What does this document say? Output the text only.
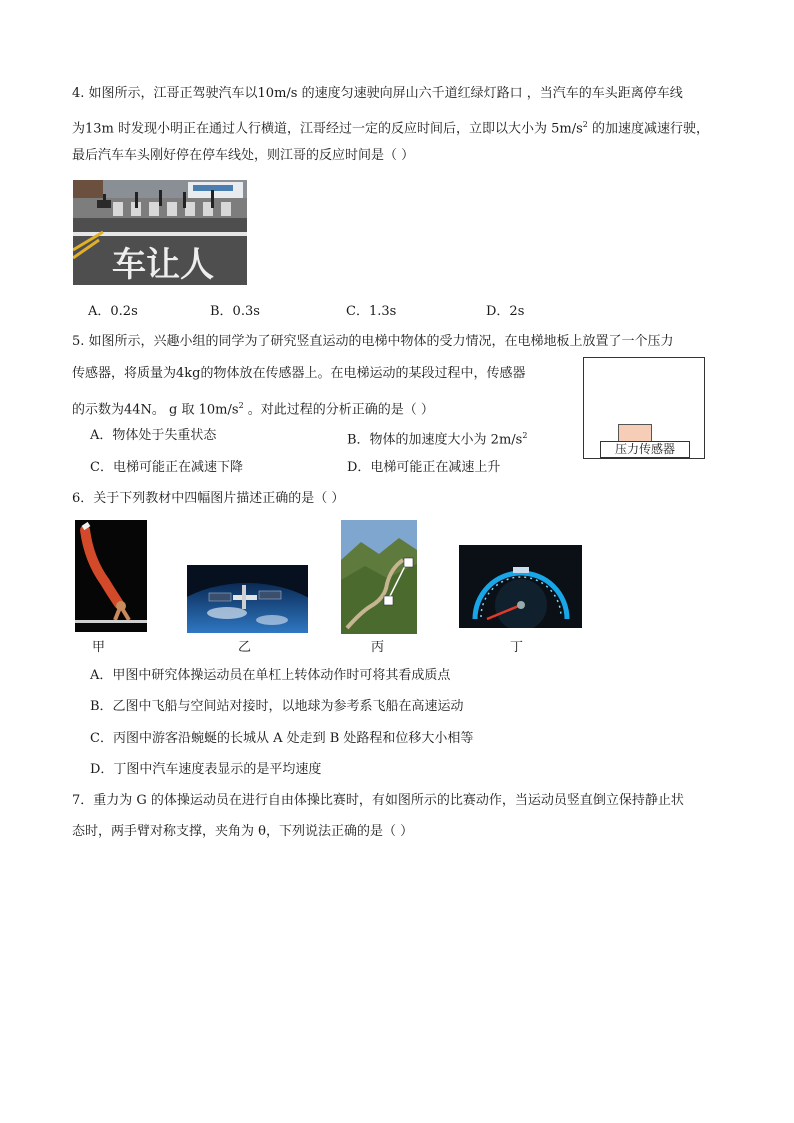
4. 如图所示，江哥正驾驶汽车以10m/s 的速度匀速驶向屏山六千道红绿灯路口 ，当汽车的车头距离停车线
为13m 时发现小明正在通过人行横道，江哥经过一定的反应时间后，立即以大小为 $5m/s^2$ 的加速度减速行驶，
最后汽车车头刚好停在停车线处，则江哥的反应时间是（ ）
车让人
A．0.2s	B．0.3s	C．1.3s	D．2s
5. 如图所示，兴趣小组的同学为了研究竖直运动的电梯中物体的受力情况，在电梯地板上放置了一个压力
传感器，将质量为4kg的物体放在传感器上。在电梯运动的某段过程中，传感器
的示数为44N。 g 取 $10m/s^2$ 。对此过程的分析正确的是（ ）
压力传感器
A．物体处于失重状态	B．物体的加速度大小为 $2m/s^2$
C．电梯可能正在减速下降	D．电梯可能正在减速上升
6．关于下列教材中四幅图片描述正确的是（ ）
甲	乙	丙	丁
A．甲图中研究体操运动员在单杠上转体动作时可将其看成质点
B．乙图中飞船与空间站对接时，以地球为参考系飞船在高速运动
C．丙图中游客沿蜿蜒的长城从 A 处走到 B 处路程和位移大小相等
D．丁图中汽车速度表显示的是平均速度
7．重力为 G 的体操运动员在进行自由体操比赛时，有如图所示的比赛动作，当运动员竖直倒立保持静止状
态时，两手臂对称支撑，夹角为 θ，下列说法正确的是（ ）
